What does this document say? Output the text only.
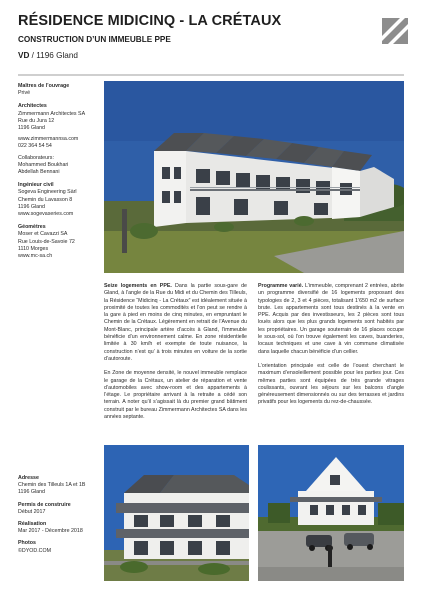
RÉSIDENCE MIDICINQ - LA CRÉTAUX
CONSTRUCTION D’UN IMMEUBLE PPE
VD / 1196 Gland
Maîtres de l’ouvrage
Privé
Architectes
Zimmermann Architectes SA
Rue du Jura 12
1196 Gland
www.zimmermannsa.com
022 364 54 54
Collaborateurs:
Mohammed Boukhari
Abdellah Bennani
Ingénieur civil
Sogeva Engineering Sàrl
Chemin du Lavasson 8
1196 Gland
www.sogevaseries.com
Géomètres
Moser et Cavazzi SA
Rue Louis-de-Savoie 72
1110 Morges
www.mc-sa.ch

Seize logements en PPE. Dans la partie sous-gare de Gland, à l’angle de la Rue du Midi et du Chemin des Tilleuls, la Résidence “Midicinq - La Crétaux” est idéalement située à proximité de toutes les commodités et l’on peut se rendre à la gare à pied en moins de cinq minutes, en empruntant le Chemin de la Crétaux. Légèrement en retrait de l’Avenue du Mont-Blanc, principale artère d’accès à Gland, l’immeuble bénéficie d’un environnement calme. En zone résidentielle limitée à 30 km/h et exempte de toute nuisance, la construction n’est qu’ à trois minutes en voiture de la sortie d’autoroute.

En Zone de moyenne densité, le nouvel immeuble remplace le garage de la Crétaux, un atelier de réparation et vente d’automobiles avec show-room et des appartements à l’étage. Le propriétaire arrivant à la retraite a cédé son terrain. A noter qu’il s’agissait là du premier grand bâtiment construit par le bureau Zimmermann Architectes SA dans les années septante.

Programme varié. L’immeuble, comprenant 2 entrées, abrite un programme diversifié de 16 logements proposant des typologies de 2, 3 et 4 pièces, totalisant 1’650 m2 de surface brute. Les appartements sont tous destinés à la vente en PPE. Acquis par des investisseurs, les 2 pièces sont tous loués alors que les plus grands logements sont habités par les propriétaires. Un garage souterrain de 16 places occupe le sous-sol, où l’on trouve également les caves, buanderies, locaux techniques et une cave à vin commune climatisée dans laquelle chacun bénéficie d’un cellier.

L’orientation principale est celle de l’ouest cherchant le maximum d’ensoleillement possible pour les parties jour. Ces mêmes parties sont équipées de très grande vitrages coulissants, ouvrant les séjours sur les balcons d’angle généreusement dimensionnés ou sur des terrasses et jardins privatifs pour les logements du rez-de-chaussée.

Adresse
Chemin des Tilleuls 1A et 1B
1196 Gland
Permis de construire
Début 2017
Réalisation
Mar 2017 - Décembre 2018
Photos
©DYOD.COM
